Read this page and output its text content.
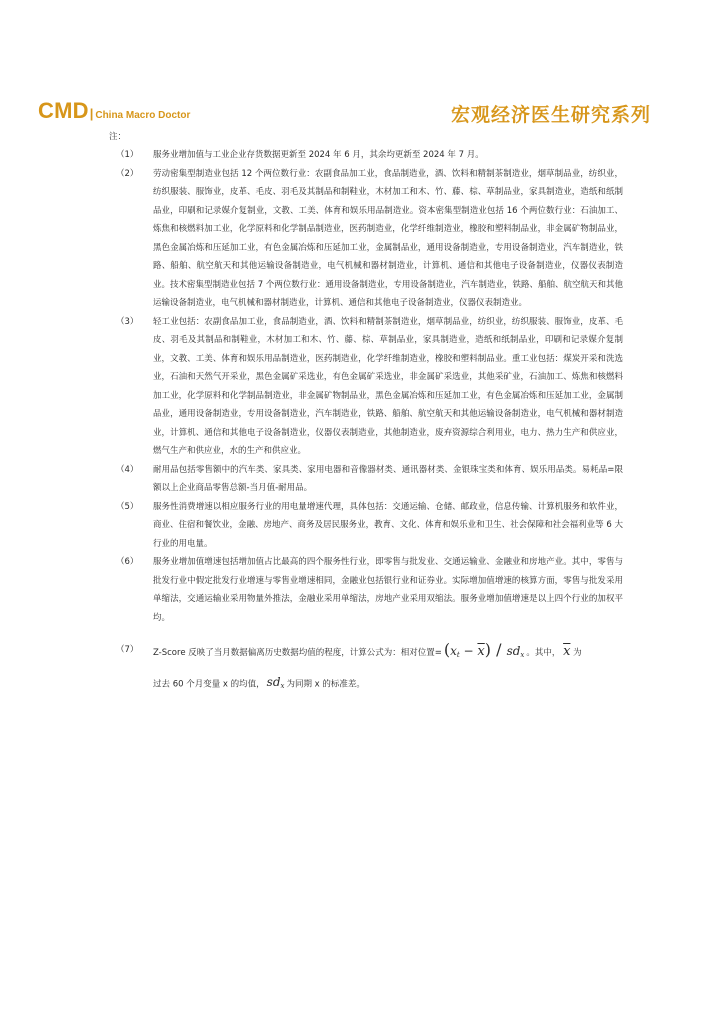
CMD| China Macro Doctor	宏观经济医生研究系列
注：
（1） 服务业增加值与工业企业存货数据更新至 2024 年 6 月，其余均更新至 2024 年 7 月。
（2） 劳动密集型制造业包括 12 个两位数行业：农副食品加工业，食品制造业，酒、饮料和精制茶制造业，烟草制品业，纺织业，纺织服装、服饰业，皮革、毛皮、羽毛及其制品和制鞋业，木材加工和木、竹、藤、棕、草制品业，家具制造业，造纸和纸制品业，印刷和记录媒介复制业，文教、工美、体育和娱乐用品制造业。资本密集型制造业包括 16 个两位数行业：石油加工、炼焦和核燃料加工业，化学原料和化学制品制造业，医药制造业，化学纤维制造业，橡胶和塑料制品业，非金属矿物制品业，黑色金属冶炼和压延加工业，有色金属冶炼和压延加工业，金属制品业，通用设备制造业，专用设备制造业，汽车制造业，铁路、船舶、航空航天和其他运输设备制造业，电气机械和器材制造业，计算机、通信和其他电子设备制造业，仪器仪表制造业。技术密集型制造业包括 7 个两位数行业：通用设备制造业，专用设备制造业，汽车制造业，铁路、船舶、航空航天和其他运输设备制造业，电气机械和器材制造业，计算机、通信和其他电子设备制造业，仪器仪表制造业。
（3） 轻工业包括：农副食品加工业，食品制造业，酒、饮料和精制茶制造业，烟草制品业，纺织业，纺织服装、服饰业，皮革、毛皮、羽毛及其制品和制鞋业，木材加工和木、竹、藤、棕、草制品业，家具制造业，造纸和纸制品业，印刷和记录媒介复制业，文教、工美、体育和娱乐用品制造业，医药制造业，化学纤维制造业，橡胶和塑料制品业。重工业包括：煤炭开采和洗选业，石油和天然气开采业，黑色金属矿采选业，有色金属矿采选业，非金属矿采选业，其他采矿业，石油加工、炼焦和核燃料加工业，化学原料和化学制品制造业，非金属矿物制品业，黑色金属冶炼和压延加工业，有色金属冶炼和压延加工业，金属制品业，通用设备制造业，专用设备制造业，汽车制造业，铁路、船舶、航空航天和其他运输设备制造业，电气机械和器材制造业，计算机、通信和其他电子设备制造业，仪器仪表制造业，其他制造业，废弃资源综合利用业，电力、热力生产和供应业，燃气生产和供应业，水的生产和供应业。
（4） 耐用品包括零售额中的汽车类、家具类、家用电器和音像器材类、通讯器材类、金银珠宝类和体育、娱乐用品类。易耗品=限额以上企业商品零售总额-当月值-耐用品。
（5） 服务性消费增速以相应服务行业的用电量增速代理，具体包括：交通运输、仓储、邮政业，信息传输、计算机服务和软件业，商业、住宿和餐饮业，金融、房地产、商务及居民服务业，教育、文化、体育和娱乐业和卫生、社会保障和社会福利业等 6 大行业的用电量。
（6） 服务业增加值增速包括增加值占比最高的四个服务性行业，即零售与批发业、交通运输业、金融业和房地产业。其中，零售与批发行业中假定批发行业增速与零售业增速相同，金融业包括银行业和证券业。实际增加值增速的核算方面，零售与批发采用单缩法，交通运输业采用物量外推法，金融业采用单缩法，房地产业采用双缩法。服务业增加值增速是以上四个行业的加权平均。
（7） Z-Score 反映了当月数据偏离历史数据均值的程度，计算公式为：相对位置= $(x_t - \overline{x}) / sd_x$ 。其中， $\overline{x}$ 为
过去 60 个月变量 x 的均值， $sd_x$ 为同期 x 的标准差。
